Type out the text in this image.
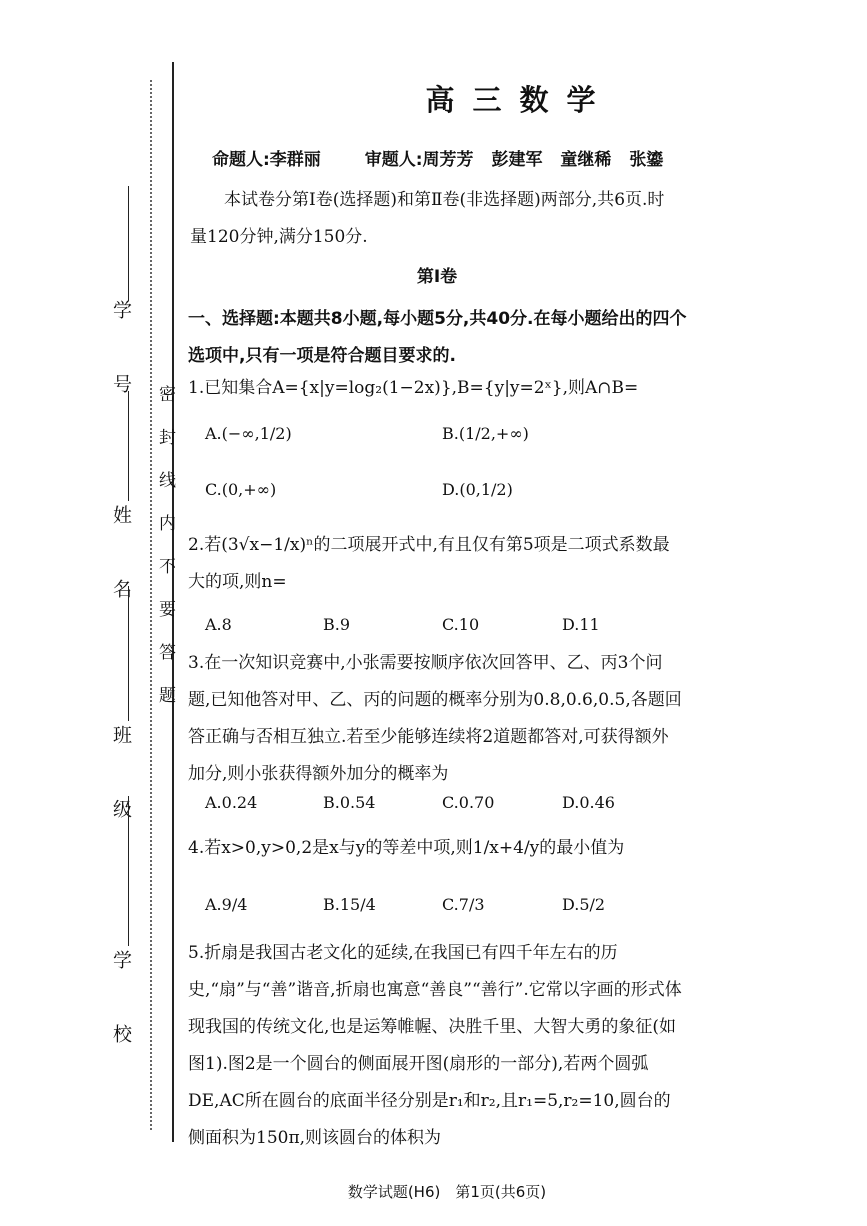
学　号
姓　名
班　级
学　校
密封线内不要答题
高三数学
命题人:李群丽	审题人:周芳芳 彭建军 童继稀 张鎏
本试卷分第Ⅰ卷(选择题)和第Ⅱ卷(非选择题)两部分,共6页.时量120分钟,满分150分.
第Ⅰ卷
一、选择题:本题共8小题,每小题5分,共40分.在每小题给出的四个选项中,只有一项是符合题目要求的.
1.已知集合A={x|y=log₂(1−2x)},B={y|y=2ˣ},则A∩B=
A.(−∞,1/2)	B.(1/2,+∞)
C.(0,+∞)	D.(0,1/2)
2.若(3√x−1/x)ⁿ的二项展开式中,有且仅有第5项是二项式系数最大的项,则n=
A.8	B.9	C.10	D.11
3.在一次知识竞赛中,小张需要按顺序依次回答甲、乙、丙3个问题,已知他答对甲、乙、丙的问题的概率分别为0.8,0.6,0.5,各题回答正确与否相互独立.若至少能够连续将2道题都答对,可获得额外加分,则小张获得额外加分的概率为
A.0.24	B.0.54	C.0.70	D.0.46
4.若x>0,y>0,2是x与y的等差中项,则1/x+4/y的最小值为
A.9/4	B.15/4	C.7/3	D.5/2
5.折扇是我国古老文化的延续,在我国已有四千年左右的历史,“扇”与“善”谐音,折扇也寓意“善良”“善行”.它常以字画的形式体现我国的传统文化,也是运筹帷幄、决胜千里、大智大勇的象征(如图1).图2是一个圆台的侧面展开图(扇形的一部分),若两个圆弧DE,AC所在圆台的底面半径分别是r₁和r₂,且r₁=5,r₂=10,圆台的侧面积为150π,则该圆台的体积为
数学试题(H6)　第1页(共6页)
